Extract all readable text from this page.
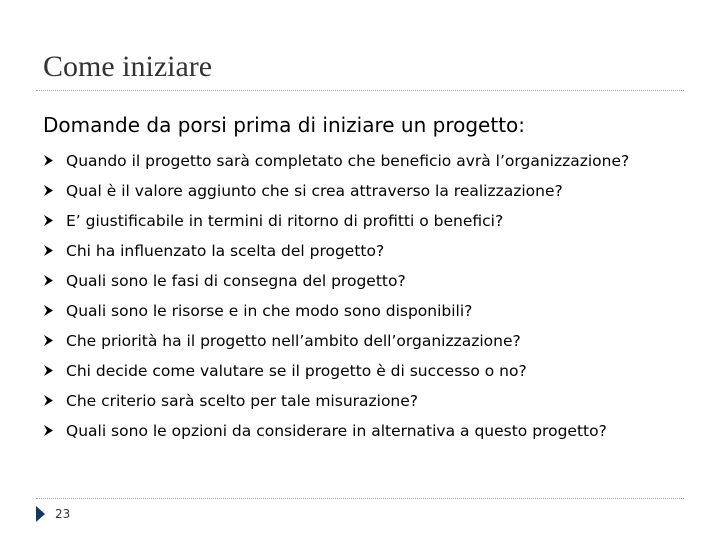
Come iniziare
Domande da porsi prima di iniziare un progetto:
Quando il progetto sarà completato che beneficio avrà l’organizzazione?
Qual è il valore aggiunto che si crea attraverso la realizzazione?
E’ giustificabile in termini di ritorno di profitti o benefici?
Chi ha influenzato la scelta del progetto?
Quali sono le fasi di consegna del progetto?
Quali sono le risorse e in che modo sono disponibili?
Che priorità ha il progetto nell’ambito dell’organizzazione?
Chi decide come valutare se il progetto è di successo o no?
Che criterio sarà scelto per tale misurazione?
Quali sono le opzioni da considerare in alternativa a questo progetto?
23
